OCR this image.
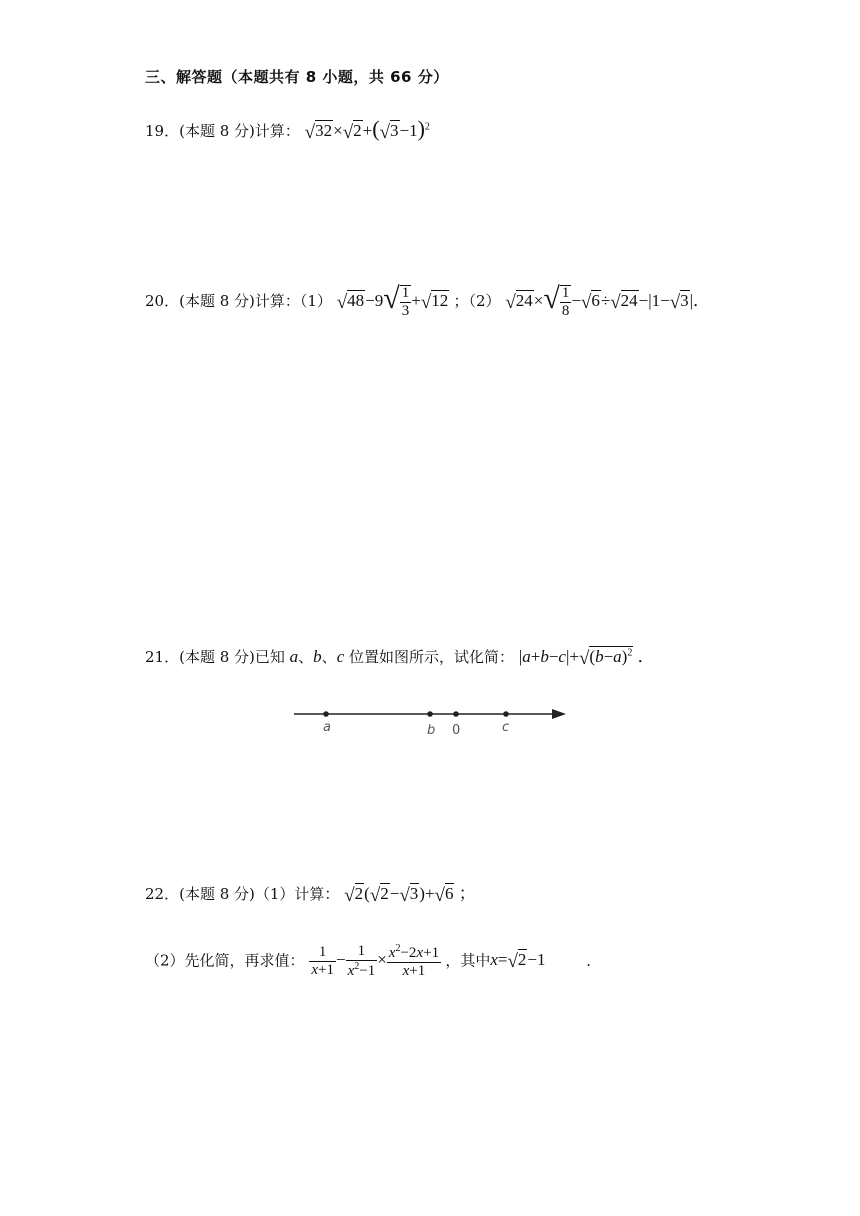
三、解答题（本题共有 8 小题，共 66 分）
19．(本题 8 分)计算： $√32\times√2+(√3-1)^2$
20．(本题 8 分)计算：（1） $√48-9√ \frac{1}{3} +√12$ ；（2） $√24\times√ \frac{1}{8} -√6\div√24-|1-√3|$．
21．(本题 8 分)已知 a、b、c 位置如图所示，试化简： $|a+b-c|+√(b-a)^2$ ．
a	b 0	c
22．(本题 8 分)（1）计算： √2(√2−√3)+√6 ；
（2）先化简，再求值： $\frac{1}{x+1} - \frac{1}{x^2-1} \times \frac{x^2-2x+1}{x+1}$ ，其中x=√2−1	．
